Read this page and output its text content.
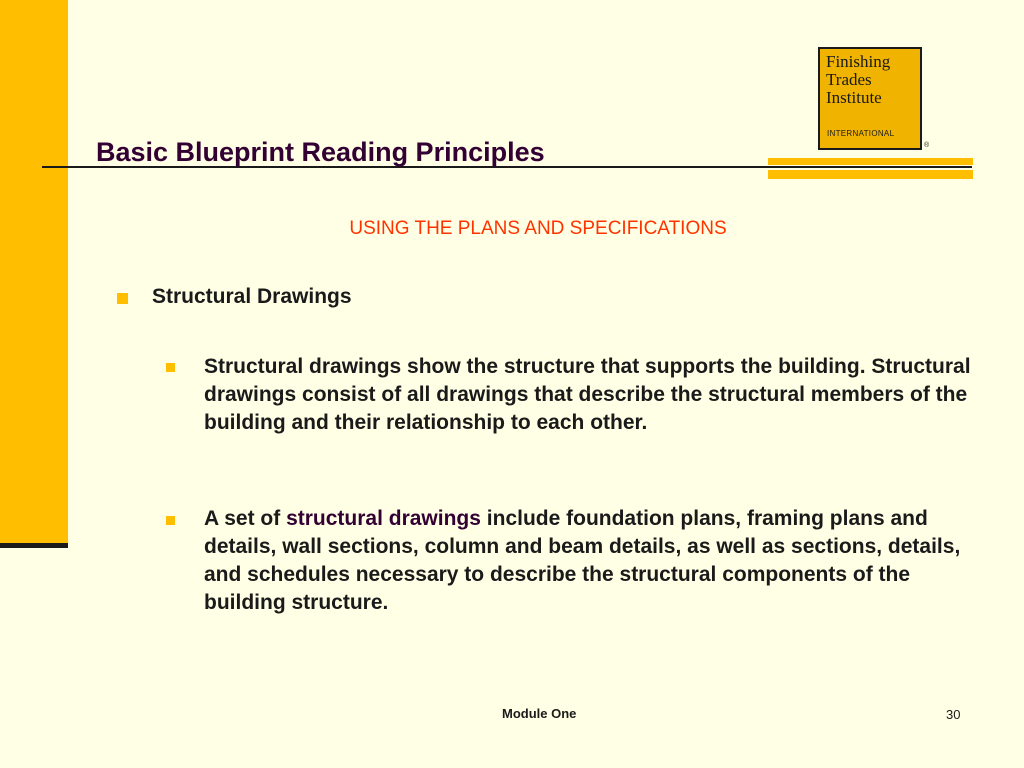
Basic Blueprint Reading Principles
Finishing
Trades
Institute
INTERNATIONAL
®
USING THE PLANS AND SPECIFICATIONS
Structural Drawings
Structural drawings show the structure that supports the building. Structural drawings consist of all drawings that describe the structural members of the building and their relationship to each other.
A set of structural drawings include foundation plans, framing plans and details, wall sections, column and beam details, as well as sections, details, and schedules necessary to describe the structural components of the building structure.
Module One	30
